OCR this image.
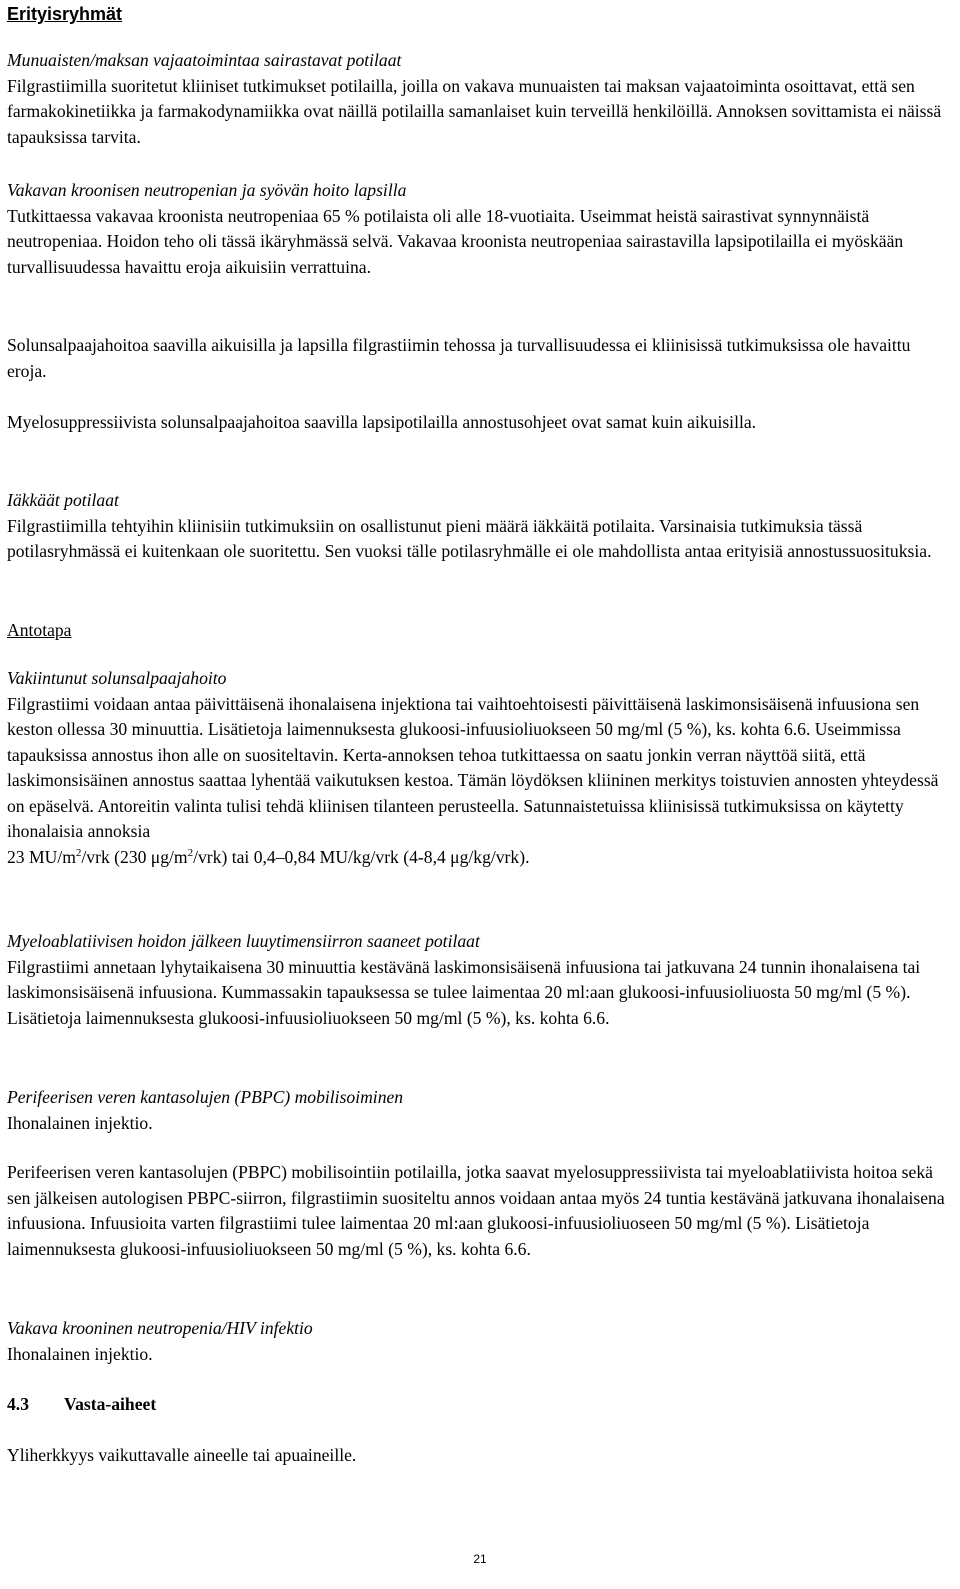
Erityisryhmät

Munuaisten/maksan vajaatoimintaa sairastavat potilaat

Filgrastiimilla suoritetut kliiniset tutkimukset potilailla, joilla on vakava munuaisten tai maksan vajaatoiminta osoittavat, että sen farmakokinetiikka ja farmakodynamiikka ovat näillä potilailla samanlaiset kuin terveillä henkilöillä. Annoksen sovittamista ei näissä tapauksissa tarvita.

Vakavan kroonisen neutropenian ja syövän hoito lapsilla

Tutkittaessa vakavaa kroonista neutropeniaa 65 % potilaista oli alle 18-vuotiaita. Useimmat heistä sairastivat synnynnäistä neutropeniaa. Hoidon teho oli tässä ikäryhmässä selvä. Vakavaa kroonista neutropeniaa sairastavilla lapsipotilailla ei myöskään turvallisuudessa havaittu eroja aikuisiin verrattuina.

Solunsalpaajahoitoa saavilla aikuisilla ja lapsilla filgrastiimin tehossa ja turvallisuudessa ei kliinisissä tutkimuksissa ole havaittu eroja.

Myelosuppressiivista solunsalpaajahoitoa saavilla lapsipotilailla annostusohjeet ovat samat kuin aikuisilla.

Iäkkäät potilaat

Filgrastiimilla tehtyihin kliinisiin tutkimuksiin on osallistunut pieni määrä iäkkäitä potilaita. Varsinaisia tutkimuksia tässä potilasryhmässä ei kuitenkaan ole suoritettu. Sen vuoksi tälle potilasryhmälle ei ole mahdollista antaa erityisiä annostussuosituksia.

Antotapa

Vakiintunut solunsalpaajahoito

Filgrastiimi voidaan antaa päivittäisenä ihonalaisena injektiona tai vaihtoehtoisesti päivittäisenä laskimonsisäisenä infuusiona sen keston ollessa 30 minuuttia. Lisätietoja laimennuksesta glukoosi-infuusioliuokseen 50 mg/ml (5 %), ks. kohta 6.6. Useimmissa tapauksissa annostus ihon alle on suositeltavin. Kerta-annoksen tehoa tutkittaessa on saatu jonkin verran näyttöä siitä, että laskimonsisäinen annostus saattaa lyhentää vaikutuksen kestoa. Tämän löydöksen kliininen merkitys toistuvien annosten yhteydessä on epäselvä. Antoreitin valinta tulisi tehdä kliinisen tilanteen perusteella. Satunnaistetuissa kliinisissä tutkimuksissa on käytetty ihonalaisia annoksia

23 $MU/m^2$/vrk (230 $\mu g/m^2/vrk$) tai 0,4–0,84 MU/kg/vrk (4-8,4 μg/kg/vrk).

Myeloablatiivisen hoidon jälkeen luuytimensiirron saaneet potilaat

Filgrastiimi annetaan lyhytaikaisena 30 minuuttia kestävänä laskimonsisäisenä infuusiona tai jatkuvana 24 tunnin ihonalaisena tai laskimonsisäisenä infuusiona. Kummassakin tapauksessa se tulee laimentaa 20 ml:aan glukoosi-infuusioliuosta 50 mg/ml (5 %). Lisätietoja laimennuksesta glukoosi-infuusioliuokseen 50 mg/ml (5 %), ks. kohta 6.6.

Perifeerisen veren kantasolujen (PBPC) mobilisoiminen

Ihonalainen injektio.

Perifeerisen veren kantasolujen (PBPC) mobilisointiin potilailla, jotka saavat myelosuppressiivista tai myeloablatiivista hoitoa sekä sen jälkeisen autologisen PBPC-siirron, filgrastiimin suositeltu annos voidaan antaa myös 24 tuntia kestävänä jatkuvana ihonalaisena infuusiona. Infuusioita varten filgrastiimi tulee laimentaa 20 ml:aan glukoosi-infuusioliuoseen 50 mg/ml (5 %). Lisätietoja laimennuksesta glukoosi-infuusioliuokseen 50 mg/ml (5 %), ks. kohta 6.6.

Vakava krooninen neutropenia/HIV infektio

Ihonalainen injektio.

4.3 Vasta-aiheet

Yliherkkyys vaikuttavalle aineelle tai apuaineille.

21
